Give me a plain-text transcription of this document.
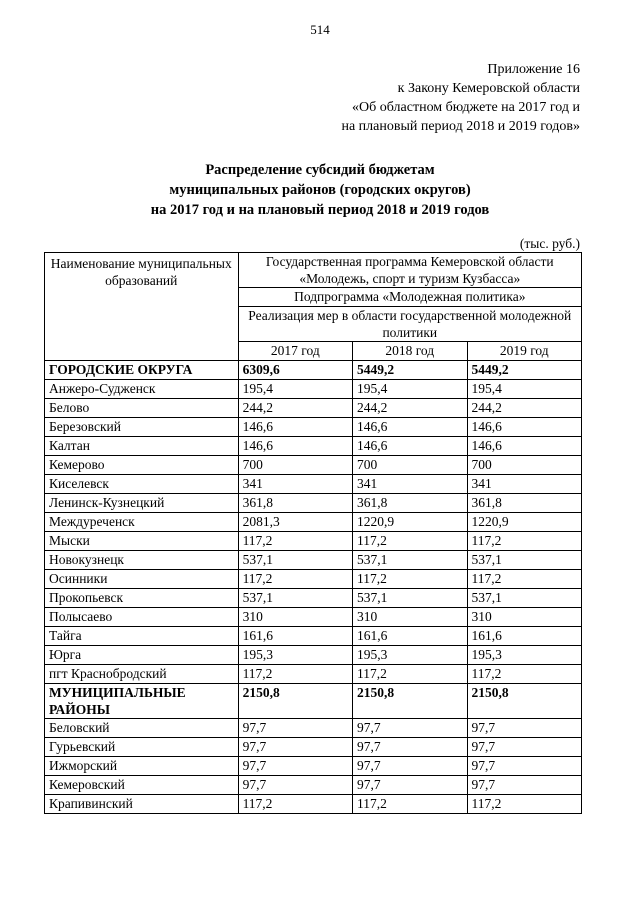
514
Приложение 16
к Закону Кемеровской области
«Об областном бюджете на 2017 год и
на плановый период 2018 и 2019 годов»
Распределение субсидий бюджетам
муниципальных районов (городских округов)
на 2017 год и на плановый период 2018 и 2019 годов
(тыс. руб.)
Наименование муниципальных образований	Государственная программа Кемеровской области «Молодежь, спорт и туризм Кузбасса»		
	Подпрограмма «Молодежная политика»		
	Реализация мер в области государственной молодежной политики		
	2017 год	2018 год	2019 год
ГОРОДСКИЕ ОКРУГА	6309,6	5449,2	5449,2
Анжеро-Судженск	195,4	195,4	195,4
Белово	244,2	244,2	244,2
Березовский	146,6	146,6	146,6
Калтан	146,6	146,6	146,6
Кемерово	700	700	700
Киселевск	341	341	341
Ленинск-Кузнецкий	361,8	361,8	361,8
Междуреченск	2081,3	1220,9	1220,9
Мыски	117,2	117,2	117,2
Новокузнецк	537,1	537,1	537,1
Осинники	117,2	117,2	117,2
Прокопьевск	537,1	537,1	537,1
Полысаево	310	310	310
Тайга	161,6	161,6	161,6
Юрга	195,3	195,3	195,3
пгт Краснобродский	117,2	117,2	117,2
МУНИЦИПАЛЬНЫЕ РАЙОНЫ	2150,8	2150,8	2150,8
Беловский	97,7	97,7	97,7
Гурьевский	97,7	97,7	97,7
Ижморский	97,7	97,7	97,7
Кемеровский	97,7	97,7	97,7
Крапивинский	117,2	117,2	117,2
